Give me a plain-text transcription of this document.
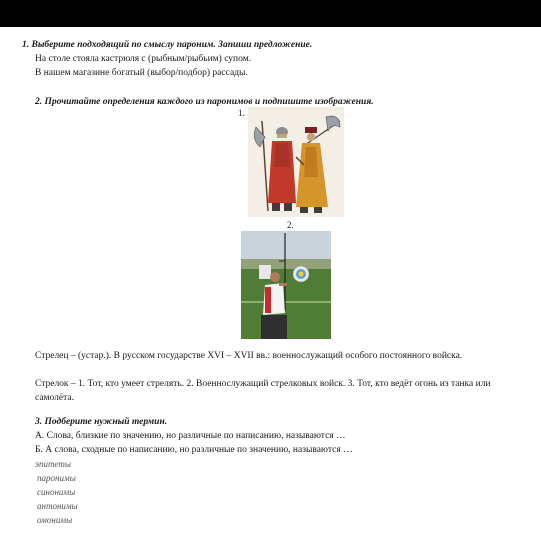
1. Выберите подходящий по смыслу пароним. Запиши предложение.
На столе стояла кастрюля с (рыбным/рыбьим) супом.
В нашем магазине богатый (выбор/подбор) рассады.
2. Прочитайте определения каждого из паронимов и подпишите изображения.
1.
2.
Стрелец – (устар.). В русском государстве XVI – XVII вв.: военнослужащий особого постоянного войска.
Стрелок – 1. Тот, кто умеет стрелять. 2. Военнослужащий стрелковых войск. 3. Тот, кто ведёт огонь из танка или
самолёта.
3. Подберите нужный термин.
А. Слова, близкие по значению, но различные по написанию, называются …
Б. А слова, сходные по написанию, но различные по значению, называются …
эпитеты
паронимы
синонимы
антонимы
омонимы
